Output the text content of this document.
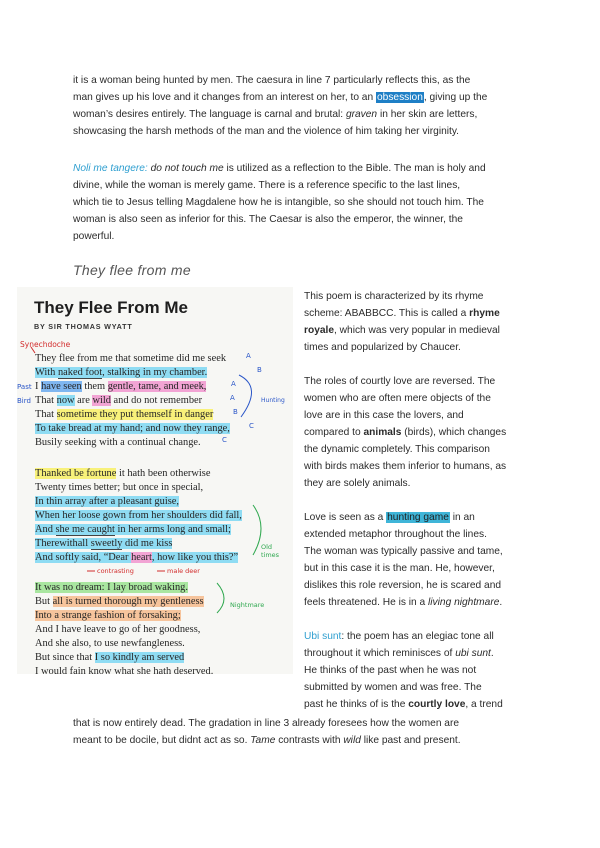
it is a woman being hunted by men. The caesura in line 7 particularly reflects this, as the

man gives up his love and it changes from an interest on her, to an obsession, giving up the

woman’s desires entirely. The language is carnal and brutal: graven in her skin are letters,

showcasing the harsh methods of the man and the violence of him taking her virginity.

Noli me tangere: do not touch me is utilized as a reflection to the Bible. The man is holy and

divine, while the woman is merely game. There is a reference specific to the last lines,

which tie to Jesus telling Magdalene how he is intangible, so she should not touch him. The

woman is also seen as inferior for this. The Caesar is also the emperor, the winner, the

powerful.

They flee from me
They Flee From Me
BY SIR THOMAS WYATT
They flee from me that sometime did me seek
With naked foot, stalking in my chamber.
I have seen them gentle, tame, and meek,
That now are wild and do not remember
That sometime they put themself in danger
To take bread at my hand; and now they range,
Busily seeking with a continual change.
Thanked be fortune it hath been otherwise
Twenty times better; but once in special,
In thin array after a pleasant guise,
When her loose gown from her shoulders did fall,
And she me caught in her arms long and small;
Therewithall sweetly did me kiss
And softly said, “Dear heart, how like you this?”
It was no dream: I lay broad waking.
But all is turned thorough my gentleness
Into a strange fashion of forsaking;
And I have leave to go of her goodness,
And she also, to use newfangleness.
But since that I so kindly am served
I would fain know what she hath deserved.
Synechdoche
Past
Bird	Hunting
Old times
contrasting	male deer
Nightmare
A
B
A
A
B
C
C

This poem is characterized by its rhyme

scheme: ABABBCC. This is called a rhyme

royale, which was very popular in medieval

times and popularized by Chaucer.

The roles of courtly love are reversed. The

women who are often mere objects of the

love are in this case the lovers, and

compared to animals (birds), which changes

the dynamic completely. This comparison

with birds makes them inferior to humans, as

they are solely animals.

Love is seen as a hunting game in an

extended metaphor throughout the lines.

The woman was typically passive and tame,

but in this case it is the man. He, however,

dislikes this role reversion, he is scared and

feels threatened. He is in a living nightmare.

Ubi sunt: the poem has an elegiac tone all

throughout it which reminisces of ubi sunt.

He thinks of the past when he was not

submitted by women and was free. The

past he thinks of is the courtly love, a trend

that is now entirely dead. The gradation in line 3 already foresees how the women are

meant to be docile, but didnt act as so. Tame contrasts with wild like past and present.
